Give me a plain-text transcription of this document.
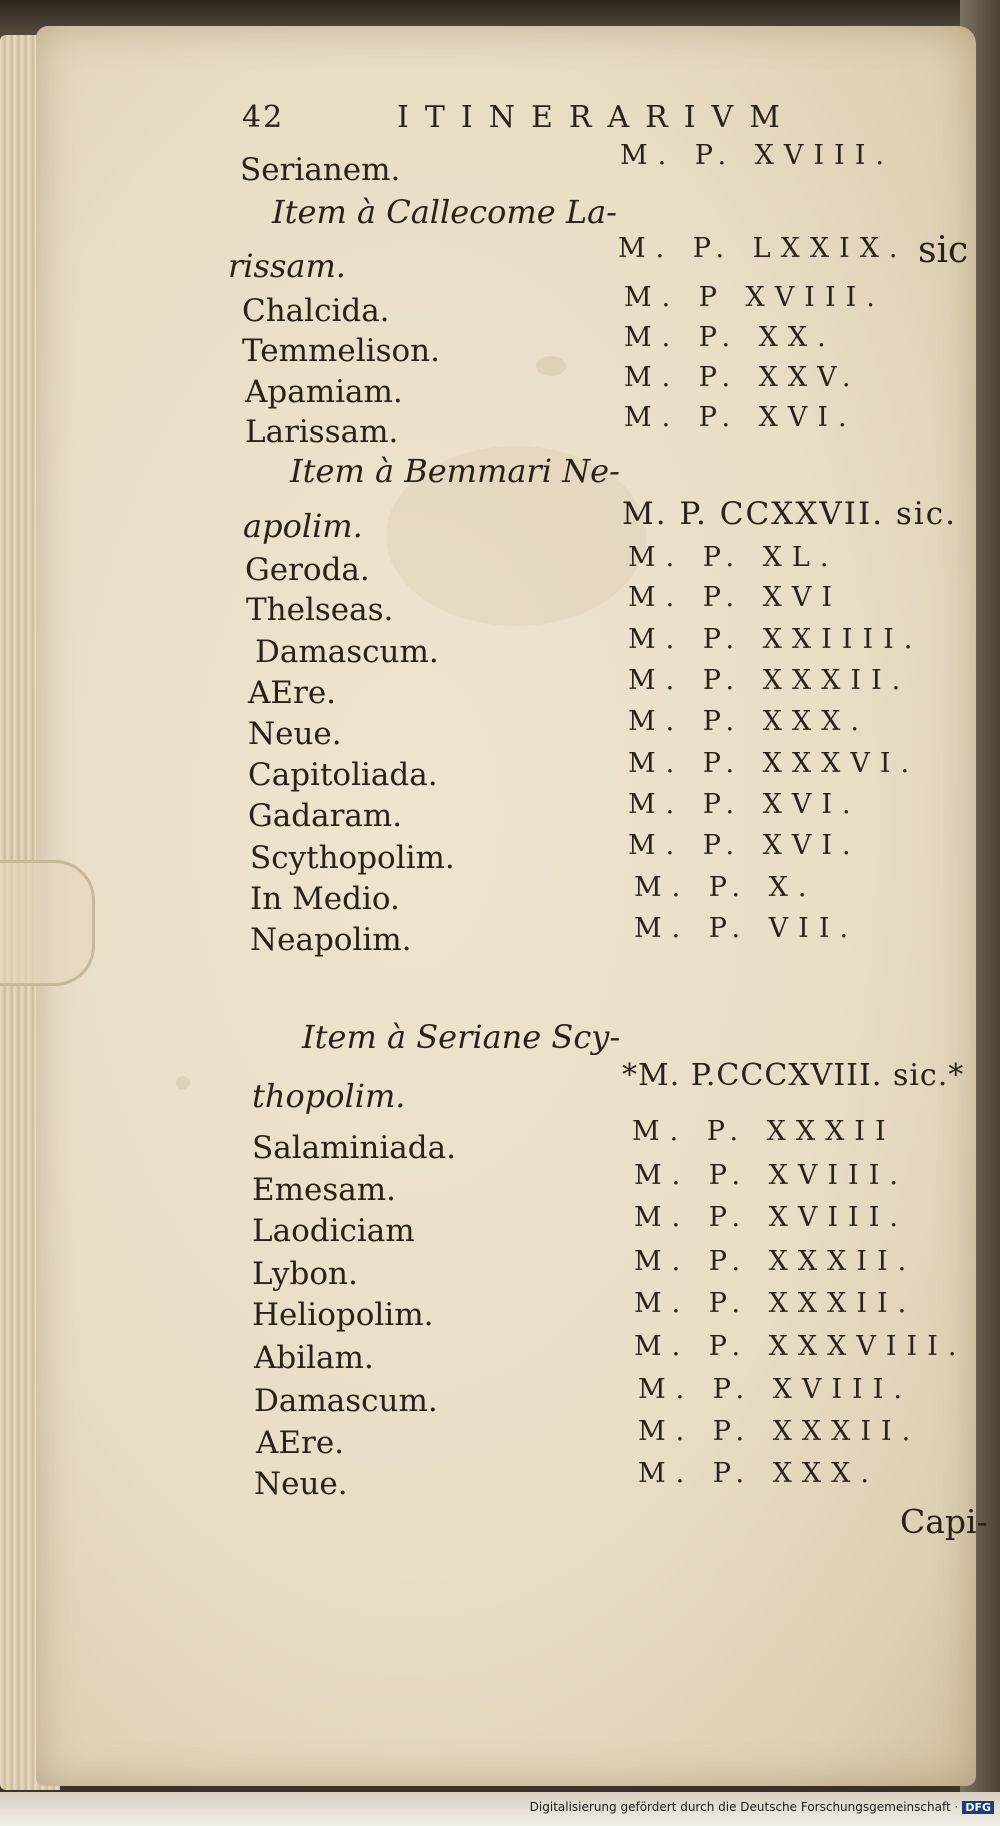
42	ITINERARIVM
Serianem.	M. P. XVIII.
Item à Callecome La-
rissam.	M. P. LXXIX. sic
Chalcida.	M. P XVIII.
Temmelison.	M. P. XX.
Apamiam.	M. P. XXV.
Larissam.	M. P. XVI.
Item à Bemmari Ne-
apolim.	M. P. CCXXVII. sic.
Geroda.	M. P. XL.
Thelseas.	M. P. XVI
Damascum.	M. P. XXIIII.
AEre.	M. P. XXXII.
Neue.	M. P. XXX.
Capitoliada.	M. P. XXXVI.
Gadaram.	M. P. XVI.
Scythopolim.	M. P. XVI.
In Medio.	M. P. X.
Neapolim.	M. P. VII.
Item à Seriane Scy-
thopolim.
*M. P.CCCXVIII. sic.*
Salaminiada.	M. P. XXXII
Emesam.	M. P. XVIII.
Laodiciam	M. P. XVIII.
Lybon.	M. P. XXXII.
Heliopolim.	M. P. XXXII.
Abilam.	M. P. XXXVIII.
Damascum.	M. P. XVIII.
AEre.	M. P. XXXII.
Neue.	M. P. XXX.
Capi-
Digitalisierung gefördert durch die Deutsche Forschungsgemeinschaft · DFG
